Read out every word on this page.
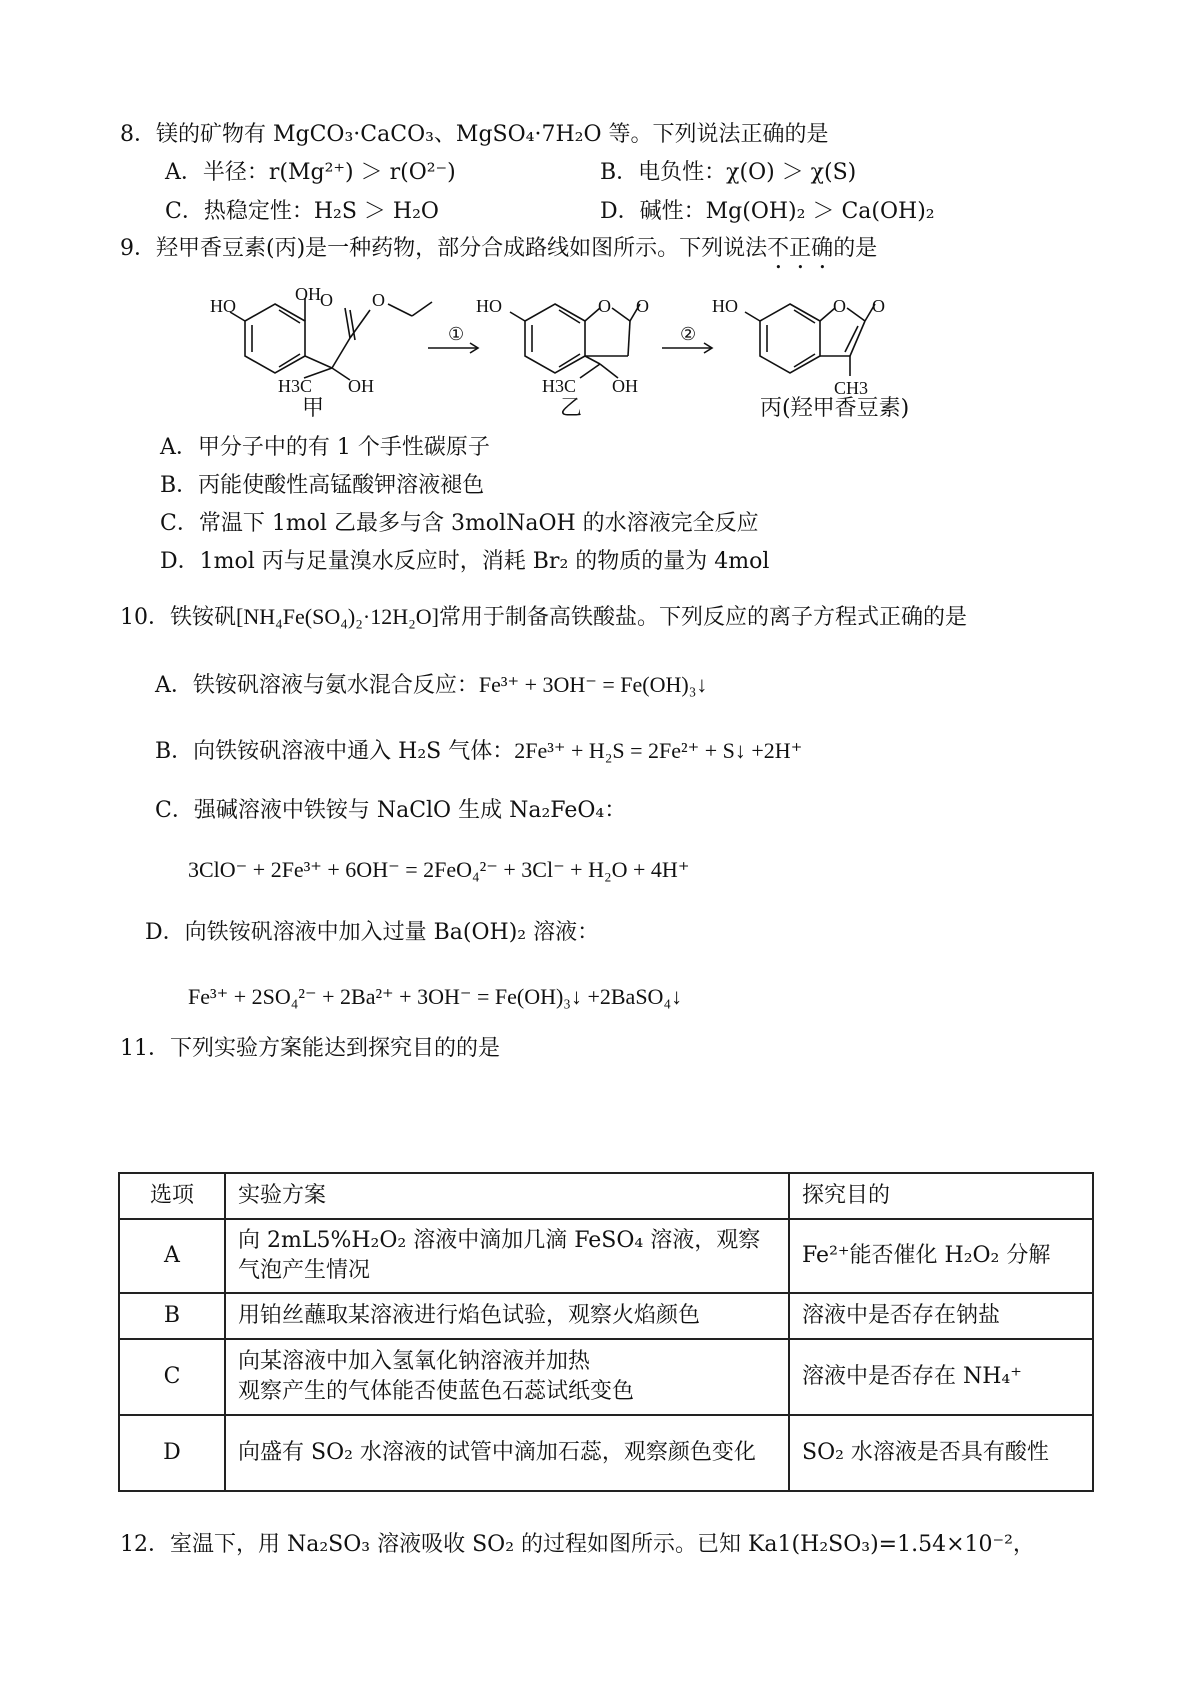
8．镁的矿物有 MgCO₃·CaCO₃、MgSO₄·7H₂O 等。下列说法正确的是
A．半径：r(Mg²⁺) ＞ r(O²⁻)	B．电负性：χ(O) ＞ χ(S)
C．热稳定性：H₂S ＞ H₂O	D．碱性：Mg(OH)₂ ＞ Ca(OH)₂
9．羟甲香豆素(丙)是一种药物，部分合成路线如图所示。下列说法不正确的是
HO
OH O O
H3C OH
①
HO	O O
H3C OH
②
HO	O O
CH3
甲	乙	丙(羟甲香豆素)
A．甲分子中的有 1 个手性碳原子
B．丙能使酸性高锰酸钾溶液褪色
C．常温下 1mol 乙最多与含 3molNaOH 的水溶液完全反应
D．1mol 丙与足量溴水反应时，消耗 Br₂ 的物质的量为 4mol
10．铁铵矾[NH₄Fe(SO₄)₂·12H₂O]常用于制备高铁酸盐。下列反应的离子方程式正确的是
A．铁铵矾溶液与氨水混合反应：Fe³⁺ + 3OH⁻ = Fe(OH)₃↓
B．向铁铵矾溶液中通入 H₂S 气体：2Fe³⁺ + H₂S = 2Fe²⁺ + S↓ +2H⁺
C．强碱溶液中铁铵与 NaClO 生成 Na₂FeO₄：
3ClO⁻ + 2Fe³⁺ + 6OH⁻ = 2FeO₄²⁻ + 3Cl⁻ + H₂O + 4H⁺
D．向铁铵矾溶液中加入过量 Ba(OH)₂ 溶液：
Fe³⁺ + 2SO₄²⁻ + 2Ba²⁺ + 3OH⁻ = Fe(OH)₃↓ +2BaSO₄↓
11．下列实验方案能达到探究目的的是
选项	实验方案	探究目的
A	向 2mL5%H₂O₂ 溶液中滴加几滴 FeSO₄ 溶液，观察气泡产生情况	Fe²⁺能否催化 H₂O₂ 分解
B	用铂丝蘸取某溶液进行焰色试验，观察火焰颜色	溶液中是否存在钠盐
C	向某溶液中加入氢氧化钠溶液并加热
观察产生的气体能否使蓝色石蕊试纸变色	溶液中是否存在 NH₄⁺
D	向盛有 SO₂ 水溶液的试管中滴加石蕊，观察颜色变化	SO₂ 水溶液是否具有酸性
12．室温下，用 Na₂SO₃ 溶液吸收 SO₂ 的过程如图所示。已知 Ka1(H₂SO₃)=1.54×10⁻²，
